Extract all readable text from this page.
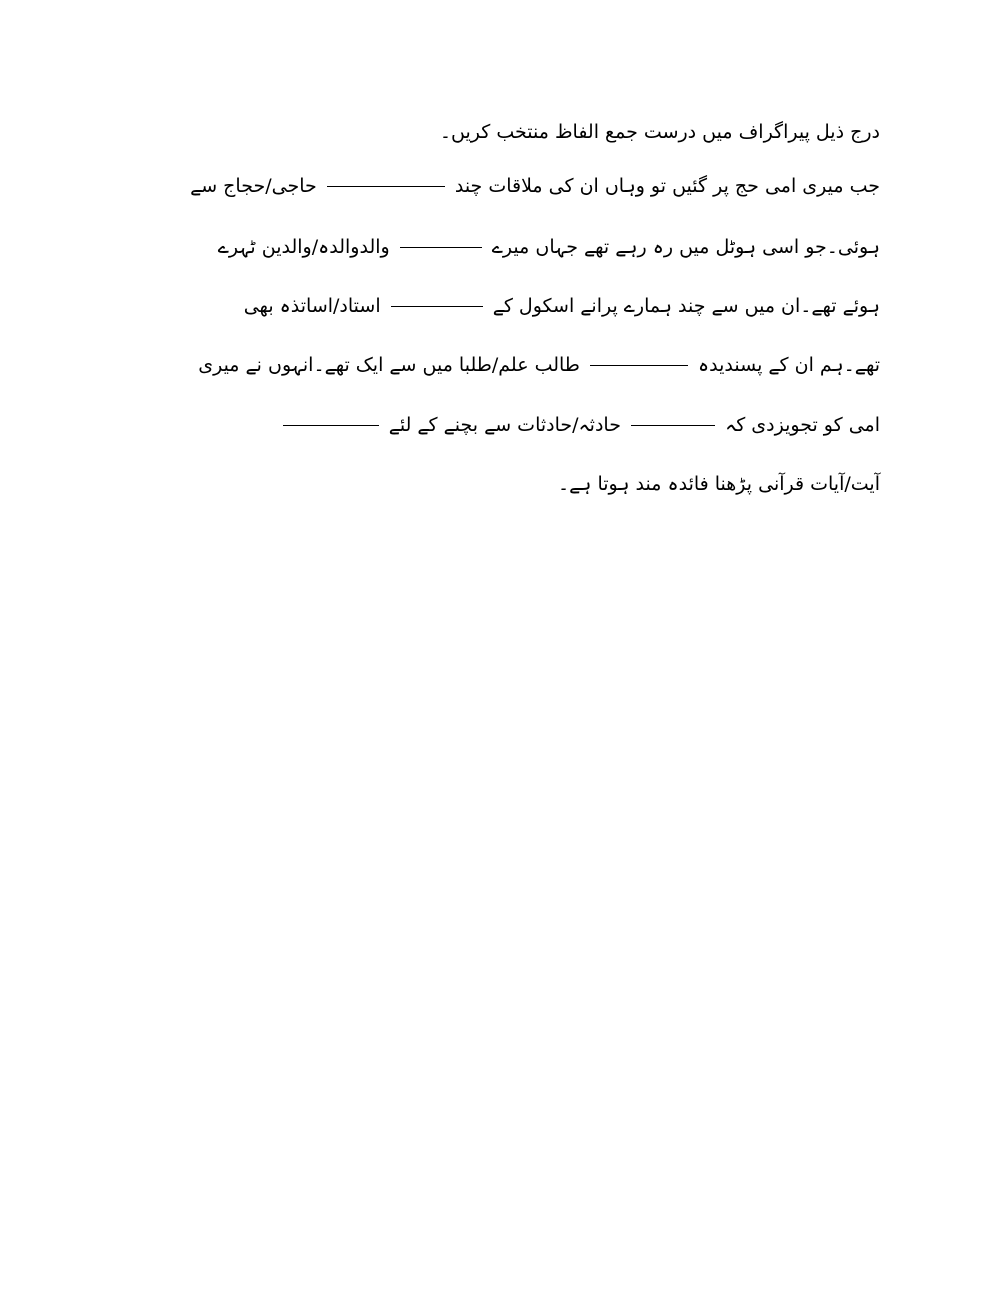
درج ذیل پیراگراف میں درست جمع الفاظ منتخب کریں۔
جب میری امی حج پر گئیں تو وہاں ان کی ملاقات چند  حاجی/حجاج سے
ہوئی۔جو اسی ہوٹل میں رہ رہے تھے جہاں میرے  والدوالدہ/والدین ٹہرے
ہوئے تھے۔ان میں سے چند ہمارے پرانے اسکول کے  استاد/اساتذہ بھی
تھے۔ہم ان کے پسندیدہ  طالب علم/طلبا میں سے ایک تھے۔انہوں نے میری
امی کو تجویزدی کہ  حادثہ/حادثات سے بچنے کے لئے
آیت/آیات قرآنی پڑھنا فائدہ مند ہوتا ہے۔
